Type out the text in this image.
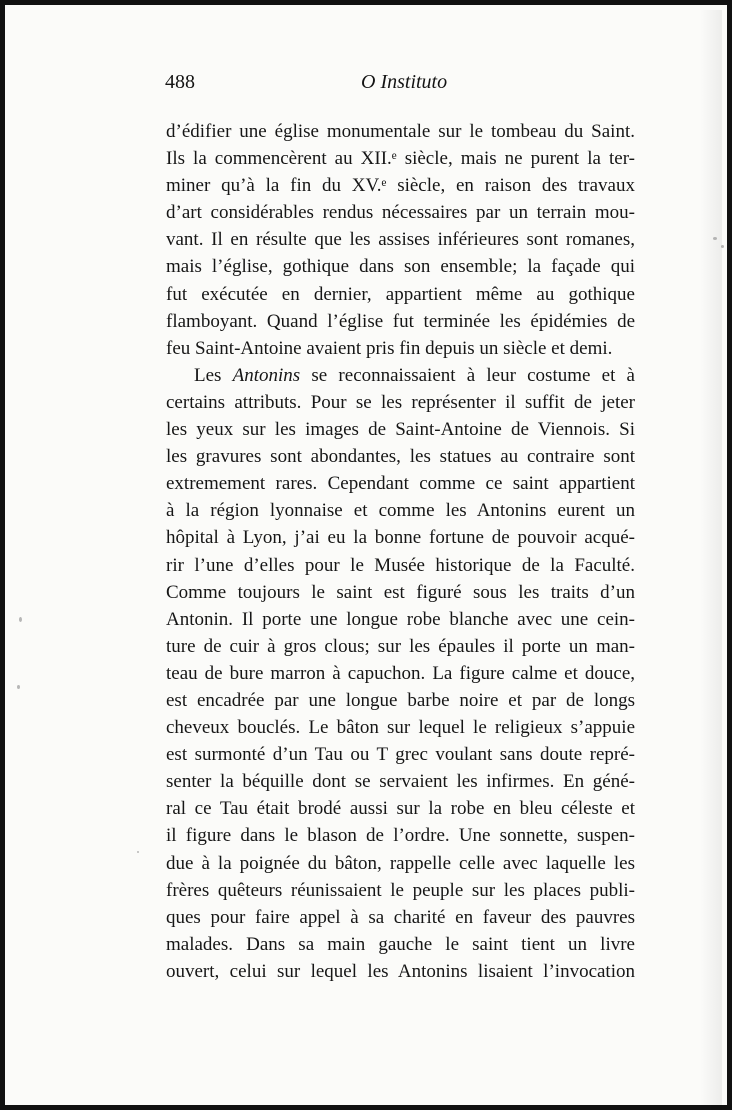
488	O Instituto
d’édifier une église monumentale sur le tombeau du Saint.
Ils la commencèrent au XII.ᵉ siècle, mais ne purent la ter-
miner qu’à la fin du XV.ᵉ siècle, en raison des travaux
d’art considérables rendus nécessaires par un terrain mou-
vant. Il en résulte que les assises inférieures sont romanes,
mais l’église, gothique dans son ensemble; la façade qui
fut exécutée en dernier, appartient même au gothique
flamboyant. Quand l’église fut terminée les épidémies de
feu Saint-Antoine avaient pris fin depuis un siècle et demi.
Les Antonins se reconnaissaient à leur costume et à
certains attributs. Pour se les représenter il suffit de jeter
les yeux sur les images de Saint-Antoine de Viennois. Si
les gravures sont abondantes, les statues au contraire sont
extremement rares. Cependant comme ce saint appartient
à la région lyonnaise et comme les Antonins eurent un
hôpital à Lyon, j’ai eu la bonne fortune de pouvoir acqué-
rir l’une d’elles pour le Musée historique de la Faculté.
Comme toujours le saint est figuré sous les traits d’un
Antonin. Il porte une longue robe blanche avec une cein-
ture de cuir à gros clous; sur les épaules il porte un man-
teau de bure marron à capuchon. La figure calme et douce,
est encadrée par une longue barbe noire et par de longs
cheveux bouclés. Le bâton sur lequel le religieux s’appuie
est surmonté d’un Tau ou T grec voulant sans doute repré-
senter la béquille dont se servaient les infirmes. En géné-
ral ce Tau était brodé aussi sur la robe en bleu céleste et
il figure dans le blason de l’ordre. Une sonnette, suspen-
due à la poignée du bâton, rappelle celle avec laquelle les
frères quêteurs réunissaient le peuple sur les places publi-
ques pour faire appel à sa charité en faveur des pauvres
malades. Dans sa main gauche le saint tient un livre
ouvert, celui sur lequel les Antonins lisaient l’invocation
